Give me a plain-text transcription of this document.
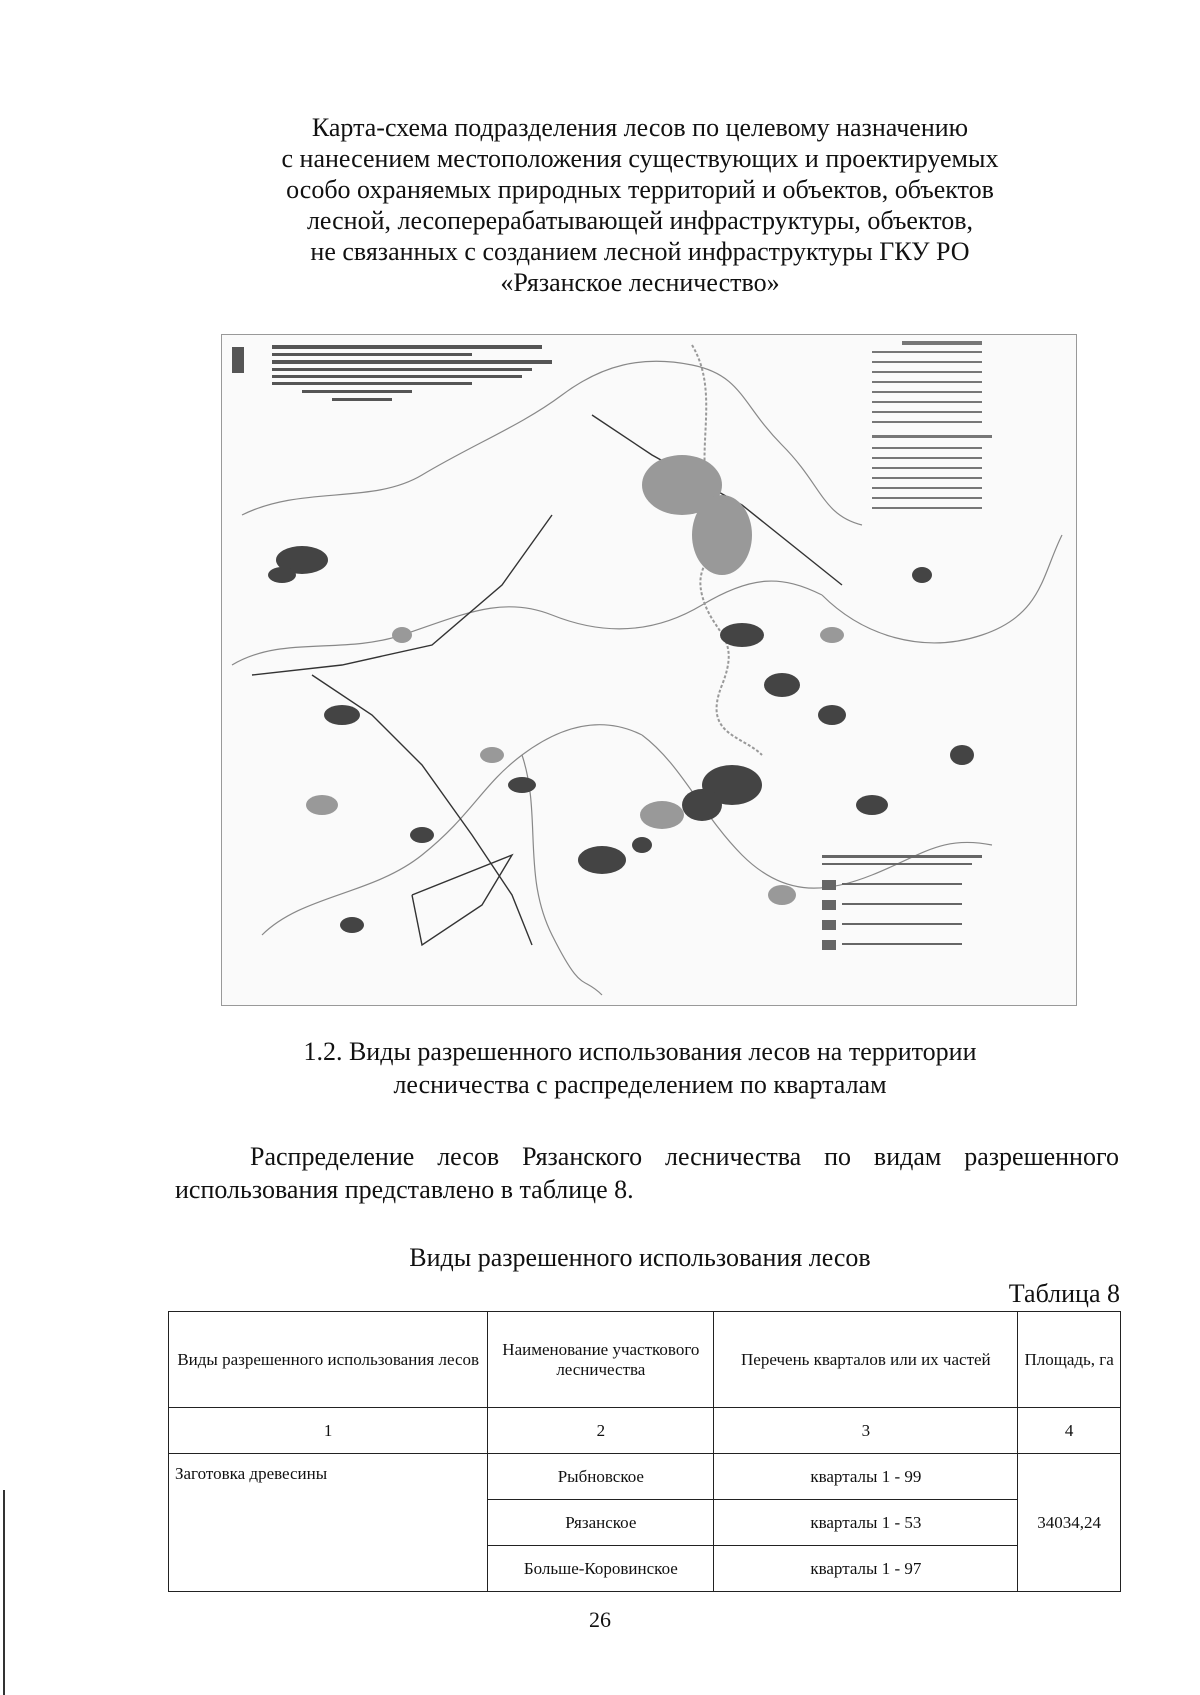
Карта-схема подразделения лесов по целевому назначению
с нанесением местоположения существующих и проектируемых
особо охраняемых природных территорий и объектов, объектов
лесной, лесоперерабатывающей инфраструктуры, объектов,
не связанных с созданием лесной инфраструктуры ГКУ РО
«Рязанское лесничество»
1.2. Виды разрешенного использования лесов на территории
лесничества с распределением по кварталам
Распределение лесов Рязанского лесничества по видам разрешенного использования представлено в таблице 8.
Виды разрешенного использования лесов
Таблица 8
Виды разрешенного использования лесов	Наименование участкового лесничества	Перечень кварталов или их частей	Площадь, га
1	2	3	4
Заготовка древесины	Рыбновское	кварталы 1 - 99	34034,24
	Рязанское	кварталы 1 - 53	
	Больше-Коровинское	кварталы 1 - 97	
26
